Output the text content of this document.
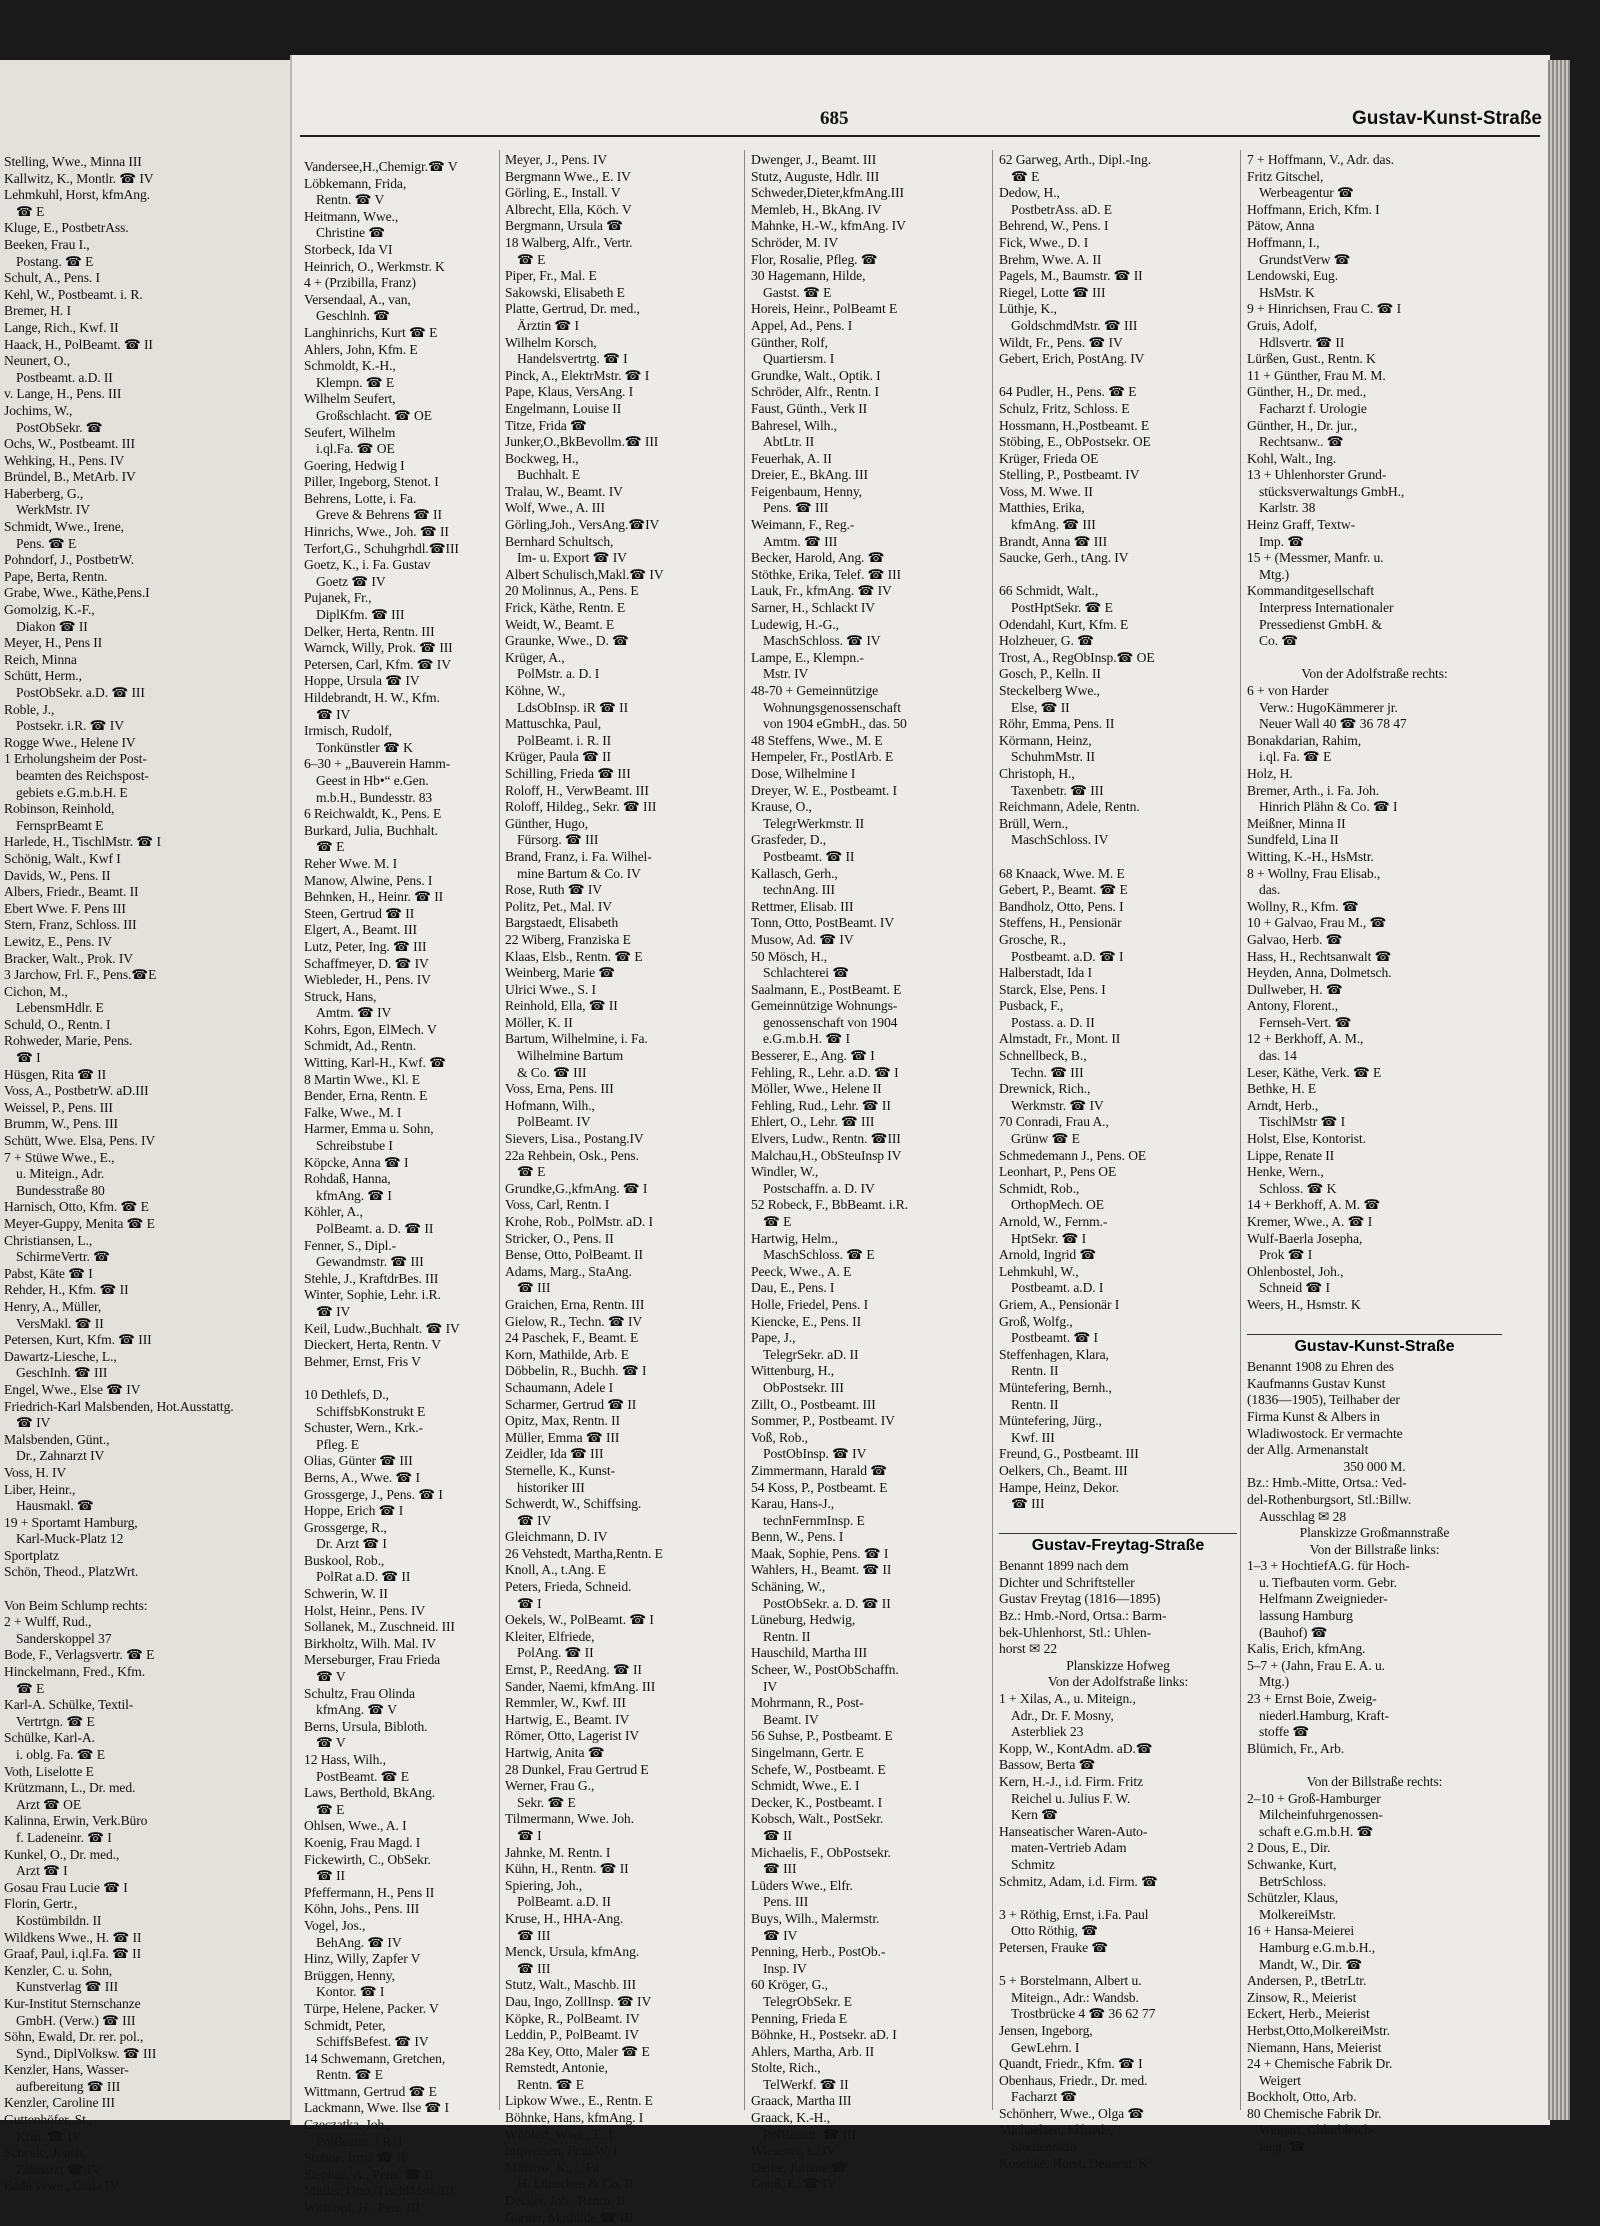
Stelling, Wwe., Minna III
Kallwitz, K., Montlr. ☎ IV
Lehmkuhl, Horst, kfmAng.
☎ E
Kluge, E., PostbetrAss.
Beeken, Frau I.,
Postang. ☎ E
Schult, A., Pens. I
Kehl, W., Postbeamt. i. R.
Bremer, H. I
Lange, Rich., Kwf. II
Haack, H., PolBeamt. ☎ II
Neunert, O.,
Postbeamt. a.D. II
v. Lange, H., Pens. III
Jochims, W.,
PostObSekr. ☎
Ochs, W., Postbeamt. III
Wehking, H., Pens. IV
Bründel, B., MetArb. IV
Haberberg, G.,
WerkMstr. IV
Schmidt, Wwe., Irene,
Pens. ☎ E
Pohndorf, J., PostbetrW.
Pape, Berta, Rentn.
Grabe, Wwe., Käthe,Pens.I
Gomolzig, K.-F.,
Diakon ☎ II
Meyer, H., Pens II
Reich, Minna
Schütt, Herm.,
PostObSekr. a.D. ☎ III
Roble, J.,
Postsekr. i.R. ☎ IV
Rogge Wwe., Helene IV
1 Erholungsheim der Post-
beamten des Reichspost-
gebiets e.G.m.b.H. E
Robinson, Reinhold,
FernsprBeamt E
Harlede, H., TischlMstr. ☎ I
Schönig, Walt., Kwf I
Davids, W., Pens. II
Albers, Friedr., Beamt. II
Ebert Wwe. F. Pens III
Stern, Franz, Schloss. III
Lewitz, E., Pens. IV
Bracker, Walt., Prok. IV
3 Jarchow, Frl. F., Pens.☎E
Cichon, M.,
LebensmHdlr. E
Schuld, O., Rentn. I
Rohweder, Marie, Pens.
☎ I
Hüsgen, Rita ☎ II
Voss, A., PostbetrW. aD.III
Weissel, P., Pens. III
Brumm, W., Pens. III
Schütt, Wwe. Elsa, Pens. IV
7 + Stüwe Wwe., E.,
u. Miteign., Adr.
Bundesstraße 80
Harnisch, Otto, Kfm. ☎ E
Meyer-Guppy, Menita ☎ E
Christiansen, L.,
SchirmeVertr. ☎
Pabst, Käte ☎ I
Rehder, H., Kfm. ☎ II
Henry, A., Müller,
VersMakl. ☎ II
Petersen, Kurt, Kfm. ☎ III
Dawartz-Liesche, L.,
GeschInh. ☎ III
Engel, Wwe., Else ☎ IV
Friedrich-Karl Malsbenden, Hot.Ausstattg.
☎ IV
Malsbenden, Günt.,
Dr., Zahnarzt IV
Voss, H. IV
Liber, Heinr.,
Hausmakl. ☎
19 + Sportamt Hamburg,
Karl-Muck-Platz 12
Sportplatz
Schön, Theod., PlatzWrt.
Von Beim Schlump rechts:
2 + Wulff, Rud.,
Sanderskoppel 37
Bode, F., Verlagsvertr. ☎ E
Hinckelmann, Fred., Kfm.
☎ E
Karl-A. Schülke, Textil-
Vertrtgn. ☎ E
Schülke, Karl-A.
i. oblg. Fa. ☎ E
Voth, Liselotte E
Krützmann, L., Dr. med.
Arzt ☎ OE
Kalinna, Erwin, Verk.Büro
f. Ladeneinr. ☎ I
Kunkel, O., Dr. med.,
Arzt ☎ I
Gosau Frau Lucie ☎ I
Florin, Gertr.,
Kostümbildn. II
Wildkens Wwe., H. ☎ II
Graaf, Paul, i.ql.Fa. ☎ II
Kenzler, C. u. Sohn,
Kunstverlag ☎ III
Kur-Institut Sternschanze
GmbH. (Verw.) ☎ III
Söhn, Ewald, Dr. rer. pol.,
Synd., DiplVolksw. ☎ III
Kenzler, Hans, Wasser-
aufbereitung ☎ III
Kenzler, Caroline III
Guttenhöfer, St.,
Kfm. ☎ IV
Scheele, Joach,
Zahnarzt ☎ IV
Bade Wwe., Carla IV
685	Gustav-Kunst-Straße
Vandersee,H.,Chemigr.☎ V
Löbkemann, Frida,
Rentn. ☎ V
Heitmann, Wwe.,
Christine ☎
Storbeck, Ida VI
Heinrich, O., Werkmstr. K
4 + (Przibilla, Franz)
Versendaal, A., van,
Geschlnh. ☎
Langhinrichs, Kurt ☎ E
Ahlers, John, Kfm. E
Schmoldt, K.-H.,
Klempn. ☎ E
Wilhelm Seufert,
Großschlacht. ☎ OE
Seufert, Wilhelm
i.ql.Fa. ☎ OE
Goering, Hedwig I
Piller, Ingeborg, Stenot. I
Behrens, Lotte, i. Fa.
Greve & Behrens ☎ II
Hinrichs, Wwe., Joh. ☎ II
Terfort,G., Schuhgrhdl.☎III
Goetz, K., i. Fa. Gustav
Goetz ☎ IV
Pujanek, Fr.,
DiplKfm. ☎ III
Delker, Herta, Rentn. III
Warnck, Willy, Prok. ☎ III
Petersen, Carl, Kfm. ☎ IV
Hoppe, Ursula ☎ IV
Hildebrandt, H. W., Kfm.
☎ IV
Irmisch, Rudolf,
Tonkünstler ☎ K
6–30 + „Bauverein Hamm-
Geest in Hb•“ e.Gen.
m.b.H., Bundesstr. 83
6 Reichwaldt, K., Pens. E
Burkard, Julia, Buchhalt.
☎ E
Reher Wwe. M. I
Manow, Alwine, Pens. I
Behnken, H., Heinr. ☎ II
Steen, Gertrud ☎ II
Elgert, A., Beamt. III
Lutz, Peter, Ing. ☎ III
Schaffmeyer, D. ☎ IV
Wiebleder, H., Pens. IV
Struck, Hans,
Amtm. ☎ IV
Kohrs, Egon, ElMech. V
Schmidt, Ad., Rentn.
Witting, Karl-H., Kwf. ☎
8 Martin Wwe., Kl. E
Bender, Erna, Rentn. E
Falke, Wwe., M. I
Harmer, Emma u. Sohn,
Schreibstube I
Köpcke, Anna ☎ I
Rohdaß, Hanna,
kfmAng. ☎ I
Köhler, A.,
PolBeamt. a. D. ☎ II
Fenner, S., Dipl.-
Gewandmstr. ☎ III
Stehle, J., KraftdrBes. III
Winter, Sophie, Lehr. i.R.
☎ IV
Keil, Ludw.,Buchhalt. ☎ IV
Dieckert, Herta, Rentn. V
Behmer, Ernst, Fris V
10 Dethlefs, D.,
SchiffsbKonstrukt E
Schuster, Wern., Krk.-
Pfleg. E
Olias, Günter ☎ III
Berns, A., Wwe. ☎ I
Grossgerge, J., Pens. ☎ I
Hoppe, Erich ☎ I
Grossgerge, R.,
Dr. Arzt ☎ I
Buskool, Rob.,
PolRat a.D. ☎ II
Schwerin, W. II
Holst, Heinr., Pens. IV
Sollanek, M., Zuschneid. III
Birkholtz, Wilh. Mal. IV
Merseburger, Frau Frieda
☎ V
Schultz, Frau Olinda
kfmAng. ☎ V
Berns, Ursula, Bibloth.
☎ V
12 Hass, Wilh.,
PostBeamt. ☎ E
Laws, Berthold, BkAng.
☎ E
Ohlsen, Wwe., A. I
Koenig, Frau Magd. I
Fickewirth, C., ObSekr.
☎ II
Pfeffermann, H., Pens II
Köhn, Johs., Pens. III
Vogel, Jos.,
BehAng. ☎ IV
Hinz, Willy, Zapfer V
Brüggen, Henny,
Kontor. ☎ I
Türpe, Helene, Packer. V
Schmidt, Peter,
SchiffsBefest. ☎ IV
14 Schwemann, Gretchen,
Rentn. ☎ E
Wittmann, Gertrud ☎ E
Lackmann, Wwe. Ilse ☎ I
Czeczatka, Joh.,
PolBeamt. i.R. I
Stubbe, Irma ☎ II
Stephan, A., Pens. ☎ II
Müller, Otto, TischlMstr. III
Wittkopf, H., Pens III
Meyer, J., Pens. IV
Bergmann Wwe., E. IV
Görling, E., Install. V
Albrecht, Ella, Köch. V
Bergmann, Ursula ☎
18 Walberg, Alfr., Vertr.
☎ E
Piper, Fr., Mal. E
Sakowski, Elisabeth E
Platte, Gertrud, Dr. med.,
Ärztin ☎ I
Wilhelm Korsch,
Handelsvertrtg. ☎ I
Pinck, A., ElektrMstr. ☎ I
Pape, Klaus, VersAng. I
Engelmann, Louise II
Titze, Frida ☎
Junker,O.,BkBevollm.☎ III
Bockweg, H.,
Buchhalt. E
Tralau, W., Beamt. IV
Wolf, Wwe., A. III
Görling,Joh., VersAng.☎IV
Bernhard Schultsch,
Im- u. Export ☎ IV
Albert Schulisch,Makl.☎ IV
20 Molinnus, A., Pens. E
Frick, Käthe, Rentn. E
Weidt, W., Beamt. E
Graunke, Wwe., D. ☎
Krüger, A.,
PolMstr. a. D. I
Köhne, W.,
LdsObInsp. iR ☎ II
Mattuschka, Paul,
PolBeamt. i. R. II
Krüger, Paula ☎ II
Schilling, Frieda ☎ III
Roloff, H., VerwBeamt. III
Roloff, Hildeg., Sekr. ☎ III
Günther, Hugo,
Fürsorg. ☎ III
Brand, Franz, i. Fa. Wilhel-
mine Bartum & Co. IV
Rose, Ruth ☎ IV
Politz, Pet., Mal. IV
Bargstaedt, Elisabeth
22 Wiberg, Franziska E
Klaas, Elsb., Rentn. ☎ E
Weinberg, Marie ☎
Ulrici Wwe., S. I
Reinhold, Ella, ☎ II
Möller, K. II
Bartum, Wilhelmine, i. Fa.
Wilhelmine Bartum
& Co. ☎ III
Voss, Erna, Pens. III
Hofmann, Wilh.,
PolBeamt. IV
Sievers, Lisa., Postang.IV
22a Rehbein, Osk., Pens.
☎ E
Grundke,G.,kfmAng. ☎ I
Voss, Carl, Rentn. I
Krohe, Rob., PolMstr. aD. I
Stricker, O., Pens. II
Bense, Otto, PolBeamt. II
Adams, Marg., StaAng.
☎ III
Graichen, Erna, Rentn. III
Gielow, R., Techn. ☎ IV
24 Paschek, F., Beamt. E
Korn, Mathilde, Arb. E
Döbbelin, R., Buchh. ☎ I
Schaumann, Adele I
Scharmer, Gertrud ☎ II
Opitz, Max, Rentn. II
Müller, Emma ☎ III
Zeidler, Ida ☎ III
Sternelle, K., Kunst-
historiker III
Schwerdt, W., Schiffsing.
☎ IV
Gleichmann, D. IV
26 Vehstedt, Martha,Rentn. E
Knoll, A., t.Ang. E
Peters, Frieda, Schneid.
☎ I
Oekels, W., PolBeamt. ☎ I
Kleiter, Elfriede,
PolAng. ☎ II
Ernst, P., ReedAng. ☎ II
Sander, Naemi, kfmAng. III
Remmler, W., Kwf. III
Hartwig, E., Beamt. IV
Römer, Otto, Lagerist IV
Hartwig, Anita ☎
28 Dunkel, Frau Gertrud E
Werner, Frau G.,
Sekr. ☎ E
Tilmermann, Wwe. Joh.
☎ I
Jahnke, M. Rentn. I
Kühn, H., Rentn. ☎ II
Spiering, Joh.,
PolBeamt. a.D. II
Kruse, H., HHA-Ang.
☎ III
Menck, Ursula, kfmAng.
☎ III
Stutz, Walt., Maschb. III
Dau, Ingo, ZollInsp. ☎ IV
Köpke, R., PolBeamt. IV
Leddin, P., PolBeamt. IV
28a Key, Otto, Maler ☎ E
Remstedt, Antonie,
Rentn. ☎ E
Lipkow Wwe., E., Rentn. E
Böhnke, Hans, kfmAng. I
Wöhlert, Wwe., E. I
Ingwersen, Frau W. I
Miltzow, K., i. Fa.
H. Lünschen & Co. II
Decker, Joh., Rentn. II
Garner, Mathilde ☎ III
Dwenger, J., Beamt. III
Stutz, Auguste, Hdlr. III
Schweder,Dieter,kfmAng.III
Memleb, H., BkAng. IV
Mahnke, H.-W., kfmAng. IV
Schröder, M. IV
Flor, Rosalie, Pfleg. ☎
30 Hagemann, Hilde,
Gastst. ☎ E
Horeis, Heinr., PolBeamt E
Appel, Ad., Pens. I
Günther, Rolf,
Quartiersm. I
Grundke, Walt., Optik. I
Schröder, Alfr., Rentn. I
Faust, Günth., Verk II
Bahresel, Wilh.,
AbtLtr. II
Feuerhak, A. II
Dreier, E., BkAng. III
Feigenbaum, Henny,
Pens. ☎ III
Weimann, F., Reg.-
Amtm. ☎ III
Becker, Harold, Ang. ☎
Stöthke, Erika, Telef. ☎ III
Lauk, Fr., kfmAng. ☎ IV
Sarner, H., Schlackt IV
Ludewig, H.-G.,
MaschSchloss. ☎ IV
Lampe, E., Klempn.-
Mstr. IV
48-70 + Gemeinnützige
Wohnungsgenossenschaft
von 1904 eGmbH., das. 50
48 Steffens, Wwe., M. E
Hempeler, Fr., PostlArb. E
Dose, Wilhelmine I
Dreyer, W. E., Postbeamt. I
Krause, O.,
TelegrWerkmstr. II
Grasfeder, D.,
Postbeamt. ☎ II
Kallasch, Gerh.,
technAng. III
Rettmer, Elisab. III
Tonn, Otto, PostBeamt. IV
Musow, Ad. ☎ IV
50 Mösch, H.,
Schlachterei ☎
Saalmann, E., PostBeamt. E
Gemeinnützige Wohnungs-
genossenschaft von 1904
e.G.m.b.H. ☎ I
Besserer, E., Ang. ☎ I
Fehling, R., Lehr. a.D. ☎ I
Möller, Wwe., Helene II
Fehling, Rud., Lehr. ☎ II
Ehlert, O., Lehr. ☎ III
Elvers, Ludw., Rentn. ☎III
Malchau,H., ObSteuInsp IV
Windler, W.,
Postschaffn. a. D. IV
52 Robeck, F., BbBeamt. i.R.
☎ E
Hartwig, Helm.,
MaschSchloss. ☎ E
Peeck, Wwe., A. E
Dau, E., Pens. I
Holle, Friedel, Pens. I
Kiencke, E., Pens. II
Pape, J.,
TelegrSekr. aD. II
Wittenburg, H.,
ObPostsekr. III
Zillt, O., Postbeamt. III
Sommer, P., Postbeamt. IV
Voß, Rob.,
PostObInsp. ☎ IV
Zimmermann, Harald ☎
54 Koss, P., Postbeamt. E
Karau, Hans-J.,
technFernmInsp. E
Benn, W., Pens. I
Maak, Sophie, Pens. ☎ I
Wahlers, H., Beamt. ☎ II
Schäning, W.,
PostObSekr. a. D. ☎ II
Lüneburg, Hedwig,
Rentn. II
Hauschild, Martha III
Scheer, W., PostObSchaffn.
IV
Mohrmann, R., Post-
Beamt. IV
56 Suhse, P., Postbeamt. E
Singelmann, Gertr. E
Schefe, W., Postbeamt. E
Schmidt, Wwe., E. I
Decker, K., Postbeamt. I
Kobsch, Walt., PostSekr.
☎ II
Michaelis, F., ObPostsekr.
☎ III
Lüders Wwe., Elfr.
Pens. III
Buys, Wilh., Malermstr.
☎ IV
Penning, Herb., PostOb.-
Insp. IV
60 Kröger, G.,
TelegrObSekr. E
Penning, Frieda E
Böhnke, H., Postsekr. aD. I
Ahlers, Martha, Arb. II
Stolte, Rich.,
TelWerkf. ☎ II
Graack, Martha III
Graack, K.-H.,
PolBeamt. ☎ III
Wiesener, L. IV
Deike, Juliane ☎
Gooß, E. ☎ IV
62 Garweg, Arth., Dipl.-Ing.
☎ E
Dedow, H.,
PostbetrAss. aD. E
Behrend, W., Pens. I
Fick, Wwe., D. I
Brehm, Wwe. A. II
Pagels, M., Baumstr. ☎ II
Riegel, Lotte ☎ III
Lüthje, K.,
GoldschmdMstr. ☎ III
Wildt, Fr., Pens. ☎ IV
Gebert, Erich, PostAng. IV
64 Pudler, H., Pens. ☎ E
Schulz, Fritz, Schloss. E
Hossmann, H.,Postbeamt. E
Stöbing, E., ObPostsekr. OE
Krüger, Frieda OE
Stelling, P., Postbeamt. IV
Voss, M. Wwe. II
Matthies, Erika,
kfmAng. ☎ III
Brandt, Anna ☎ III
Saucke, Gerh., tAng. IV
66 Schmidt, Walt.,
PostHptSekr. ☎ E
Odendahl, Kurt, Kfm. E
Holzheuer, G. ☎
Trost, A., RegObInsp.☎ OE
Gosch, P., Kelln. II
Steckelberg Wwe.,
Else, ☎ II
Röhr, Emma, Pens. II
Körmann, Heinz,
SchuhmMstr. II
Christoph, H.,
Taxenbetr. ☎ III
Reichmann, Adele, Rentn.
Brüll, Wern.,
MaschSchloss. IV
68 Knaack, Wwe. M. E
Gebert, P., Beamt. ☎ E
Bandholz, Otto, Pens. I
Steffens, H., Pensionär
Grosche, R.,
Postbeamt. a.D. ☎ I
Halberstadt, Ida I
Starck, Else, Pens. I
Pusback, F.,
Postass. a. D. II
Almstadt, Fr., Mont. II
Schnellbeck, B.,
Techn. ☎ III
Drewnick, Rich.,
Werkmstr. ☎ IV
70 Conradi, Frau A.,
Grünw ☎ E
Schmedemann J., Pens. OE
Leonhart, P., Pens OE
Schmidt, Rob.,
OrthopMech. OE
Arnold, W., Fernm.-
HptSekr. ☎ I
Arnold, Ingrid ☎
Lehmkuhl, W.,
Postbeamt. a.D. I
Griem, A., Pensionär I
Groß, Wolfg.,
Postbeamt. ☎ I
Steffenhagen, Klara,
Rentn. II
Müntefering, Bernh.,
Rentn. II
Müntefering, Jürg.,
Kwf. III
Freund, G., Postbeamt. III
Oelkers, Ch., Beamt. III
Hampe, Heinz, Dekor.
☎ III
Gustav-Freytag-Straße
Benannt 1899 nach dem
Dichter und Schriftsteller
Gustav Freytag (1816—1895)
Bz.: Hmb.-Nord, Ortsa.: Barm-
bek-Uhlenhorst, Stl.: Uhlen-
horst ✉ 22
Planskizze Hofweg
Von der Adolfstraße links:
1 + Xilas, A., u. Miteign.,
Adr., Dr. F. Mosny,
Asterbliek 23
Kopp, W., KontAdm. aD.☎
Bassow, Berta ☎
Kern, H.-J., i.d. Firm. Fritz
Reichel u. Julius F. W.
Kern ☎
Hanseatischer Waren-Auto-
maten-Vertrieb Adam
Schmitz
Schmitz, Adam, i.d. Firm. ☎
3 + Röthig, Ernst, i.Fa. Paul
Otto Röthig, ☎
Petersen, Frauke ☎
5 + Borstelmann, Albert u.
Miteign., Adr.: Wandsb.
Trostbrücke 4 ☎ 36 62 77
Jensen, Ingeborg,
GewLehrn. I
Quandt, Friedr., Kfm. ☎ I
Obenhaus, Friedr., Dr. med.
Facharzt ☎
Schönherr, Wwe., Olga ☎
Michaelsen, Elfriede,
Studienrätin
Koschke, Horst, Dekorat. K
7 + Hoffmann, V., Adr. das.
Fritz Gitschel,
Werbeagentur ☎
Hoffmann, Erich, Kfm. I
Pätow, Anna
Hoffmann, I.,
GrundstVerw ☎
Lendowski, Eug.
HsMstr. K
9 + Hinrichsen, Frau C. ☎ I
Gruis, Adolf,
Hdlsvertr. ☎ II
Lürßen, Gust., Rentn. K
11 + Günther, Frau M. M.
Günther, H., Dr. med.,
Facharzt f. Urologie
Günther, H., Dr. jur.,
Rechtsanw.. ☎
Kohl, Walt., Ing.
13 + Uhlenhorster Grund-
stücksverwaltungs GmbH.,
Karlstr. 38
Heinz Graff, Textw-
Imp. ☎
15 + (Messmer, Manfr. u.
Mtg.)
Kommanditgesellschaft
Interpress Internationaler
Pressedienst GmbH. &
Co. ☎
Von der Adolfstraße rechts:
6 + von Harder
Verw.: HugoKämmerer jr.
Neuer Wall 40 ☎ 36 78 47
Bonakdarian, Rahim,
i.ql. Fa. ☎ E
Holz, H.
Bremer, Arth., i. Fa. Joh.
Hinrich Plähn & Co. ☎ I
Meißner, Minna II
Sundfeld, Lina II
Witting, K.-H., HsMstr.
8 + Wollny, Frau Elisab.,
das.
Wollny, R., Kfm. ☎
10 + Galvao, Frau M., ☎
Galvao, Herb. ☎
Hass, H., Rechtsanwalt ☎
Heyden, Anna, Dolmetsch.
Dullweber, H. ☎
Antony, Florent.,
Fernseh-Vert. ☎
12 + Berkhoff, A. M.,
das. 14
Leser, Käthe, Verk. ☎ E
Bethke, H. E
Arndt, Herb.,
TischlMstr ☎ I
Holst, Else, Kontorist.
Lippe, Renate II
Henke, Wern.,
Schloss. ☎ K
14 + Berkhoff, A. M. ☎
Kremer, Wwe., A. ☎ I
Wulf-Baerla Josepha,
Prok ☎ I
Ohlenbostel, Joh.,
Schneid ☎ I
Weers, H., Hsmstr. K
Gustav-Kunst-Straße
Benannt 1908 zu Ehren des
Kaufmanns Gustav Kunst
(1836—1905), Teilhaber der
Firma Kunst & Albers in
Wladiwostock. Er vermachte
der Allg. Armenanstalt
350 000 M.
Bz.: Hmb.-Mitte, Ortsa.: Ved-
del-Rothenburgsort, Stl.:Billw.
Ausschlag ✉ 28
Planskizze Großmannstraße
Von der Billstraße links:
1–3 + HochtiefA.G. für Hoch-
u. Tiefbauten vorm. Gebr.
Helfmann Zweignieder-
lassung Hamburg
(Bauhof) ☎
Kalis, Erich, kfmAng.
5–7 + (Jahn, Frau E. A. u.
Mtg.)
23 + Ernst Boie, Zweig-
niederl.Hamburg, Kraft-
stoffe ☎
Blümich, Fr., Arb.
Von der Billstraße rechts:
2–10 + Groß-Hamburger
Milcheinfuhrgenossen-
schaft e.G.m.b.H. ☎
2 Dous, E., Dir.
Schwanke, Kurt,
BetrSchloss.
Schützler, Klaus,
MolkereiMstr.
16 + Hansa-Meierei
Hamburg e.G.m.b.H.,
Mandt, W., Dir. ☎
Andersen, P., tBetrLtr.
Zinsow, R., Meierist
Eckert, Herb., Meierist
Herbst,Otto,MolkereiMstr.
Niemann, Hans, Meierist
24 + Chemische Fabrik Dr.
Weigert
Bockholt, Otto, Arb.
80 Chemische Fabrik Dr.
Weigert, Chlorbleich-
laug. ☎
